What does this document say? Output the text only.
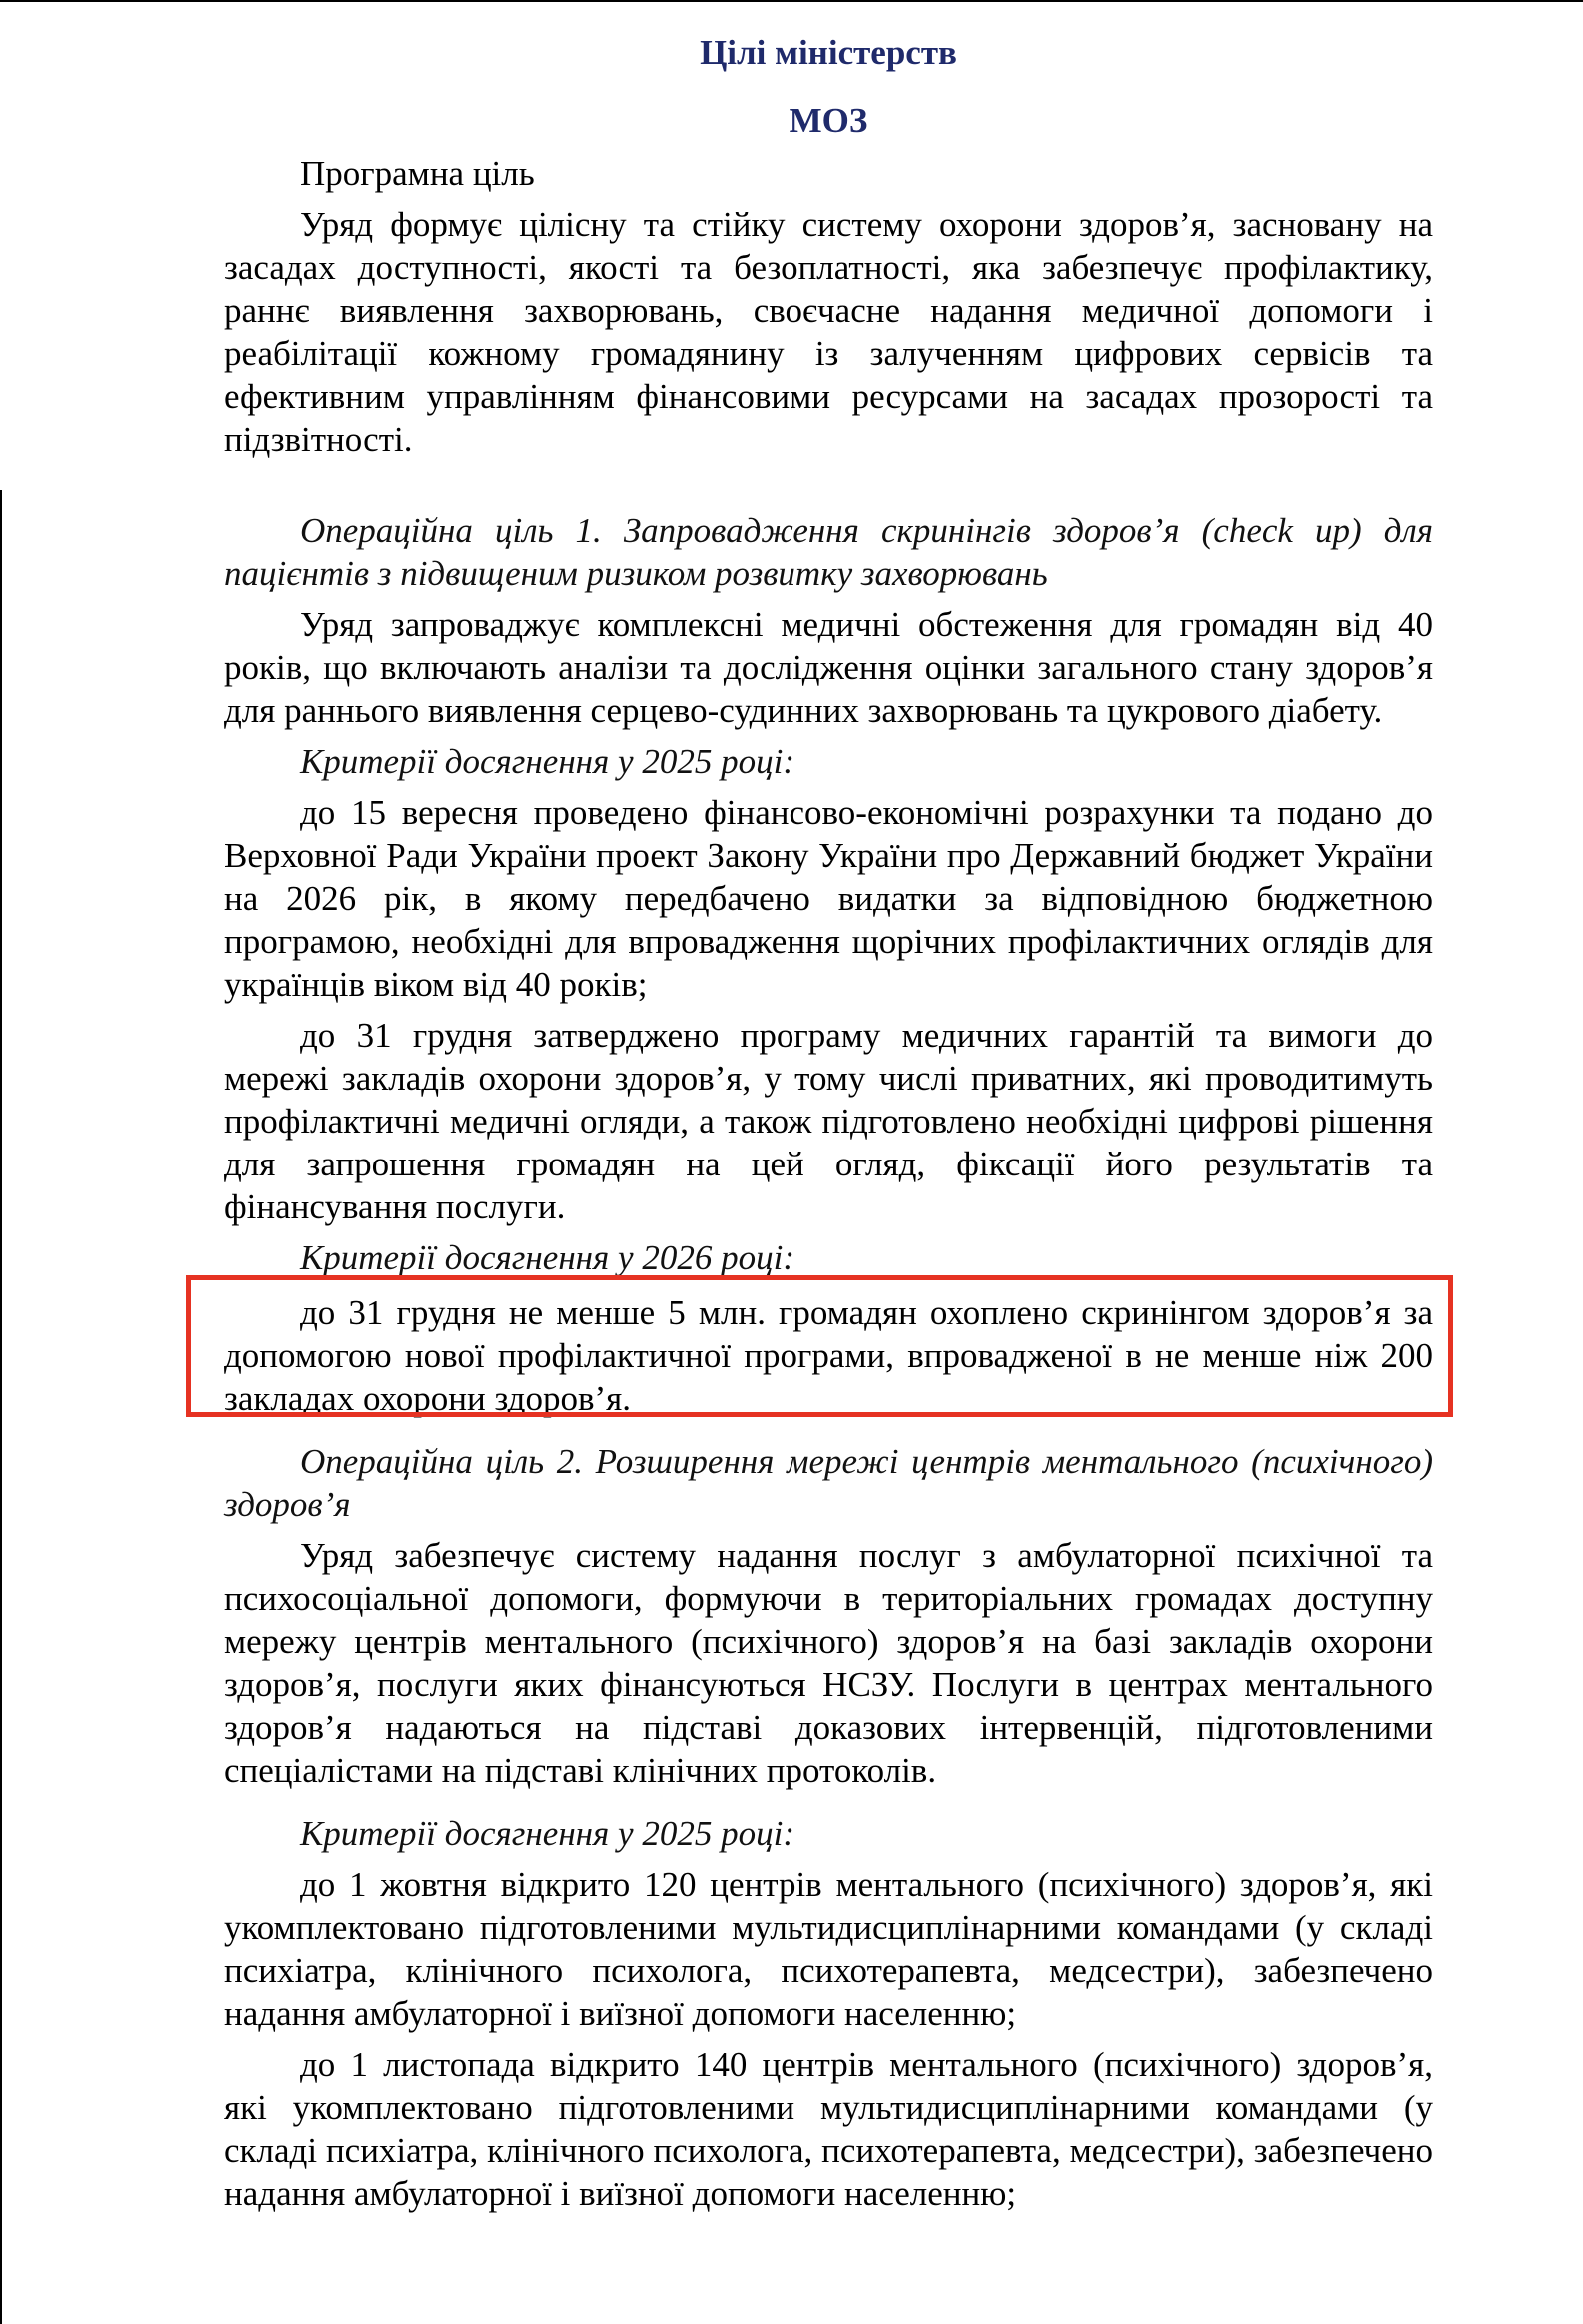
Цілі міністерств

МОЗ

Програмна ціль

Уряд формує цілісну та стійку систему охорони здоров’я, засновану на засадах доступності, якості та безоплатності, яка забезпечує профілактику, раннє виявлення захворювань, своєчасне надання медичної допомоги і реабілітації кожному громадянину із залученням цифрових сервісів та ефективним управлінням фінансовими ресурсами на засадах прозорості та підзвітності.

Операційна ціль 1. Запровадження скринінгів здоров’я (check up) для пацієнтів з підвищеним ризиком розвитку захворювань

Уряд запроваджує комплексні медичні обстеження для громадян від 40 років, що включають аналізи та дослідження оцінки загального стану здоров’я для раннього виявлення серцево-судинних захворювань та цукрового діабету.

Критерії досягнення у 2025 році:

до 15 вересня проведено фінансово-економічні розрахунки та подано до Верховної Ради України проект Закону України про Державний бюджет України на 2026 рік, в якому передбачено видатки за відповідною бюджетною програмою, необхідні для впровадження щорічних профілактичних оглядів для українців віком від 40 років;

до 31 грудня затверджено програму медичних гарантій та вимоги до мережі закладів охорони здоров’я, у тому числі приватних, які проводитимуть профілактичні медичні огляди, а також підготовлено необхідні цифрові рішення для запрошення громадян на цей огляд, фіксації його результатів та фінансування послуги.

Критерії досягнення у 2026 році:

до 31 грудня не менше 5 млн. громадян охоплено скринінгом здоров’я за допомогою нової профілактичної програми, впровадженої в не менше ніж 200 закладах охорони здоров’я.

Операційна ціль 2. Розширення мережі центрів ментального (психічного) здоров’я

Уряд забезпечує систему надання послуг з амбулаторної психічної та психосоціальної допомоги, формуючи в територіальних громадах доступну мережу центрів ментального (психічного) здоров’я на базі закладів охорони здоров’я, послуги яких фінансуються НСЗУ. Послуги в центрах ментального здоров’я надаються на підставі доказових інтервенцій, підготовленими спеціалістами на підставі клінічних протоколів.

Критерії досягнення у 2025 році:

до 1 жовтня відкрито 120 центрів ментального (психічного) здоров’я, які укомплектовано підготовленими мультидисциплінарними командами (у складі психіатра, клінічного психолога, психотерапевта, медсестри), забезпечено надання амбулаторної і виїзної допомоги населенню;

до 1 листопада відкрито 140 центрів ментального (психічного) здоров’я, які укомплектовано підготовленими мультидисциплінарними командами (у складі психіатра, клінічного психолога, психотерапевта, медсестри), забезпечено надання амбулаторної і виїзної допомоги населенню;
